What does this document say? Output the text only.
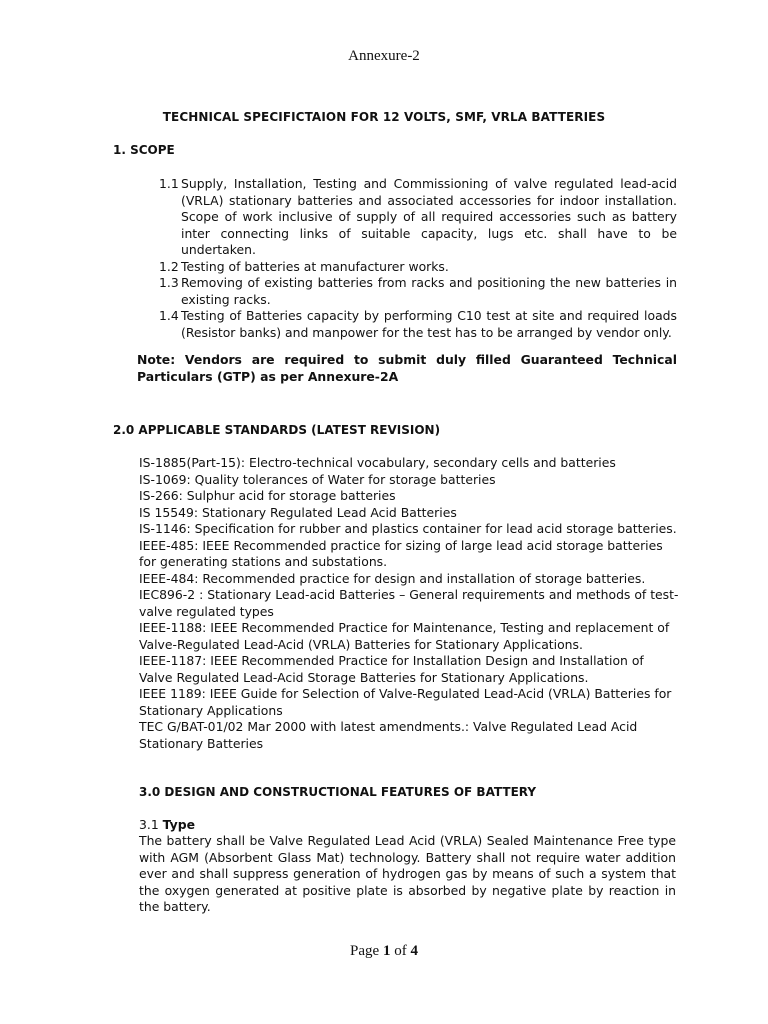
Annexure-2
TECHNICAL SPECIFICTAION FOR 12 VOLTS, SMF, VRLA BATTERIES
1. SCOPE
1.1 Supply, Installation, Testing and Commissioning of valve regulated lead-acid (VRLA) stationary batteries and associated accessories for indoor installation. Scope of work inclusive of supply of all required accessories such as battery inter connecting links of suitable capacity, lugs etc. shall have to be undertaken.
1.2 Testing of batteries at manufacturer works.
1.3 Removing of existing batteries from racks and positioning the new batteries in existing racks.
1.4 Testing of Batteries capacity by performing C10 test at site and required loads (Resistor banks) and manpower for the test has to be arranged by vendor only.
Note: Vendors are required to submit duly filled Guaranteed Technical Particulars (GTP) as per Annexure-2A
2.0 APPLICABLE STANDARDS (LATEST REVISION)
IS-1885(Part-15): Electro-technical vocabulary, secondary cells and batteries
IS-1069: Quality tolerances of Water for storage batteries
IS-266: Sulphur acid for storage batteries
IS 15549: Stationary Regulated Lead Acid Batteries
IS-1146: Specification for rubber and plastics container for lead acid storage batteries.
IEEE-485: IEEE Recommended practice for sizing of large lead acid storage batteries for generating stations and substations.
IEEE-484: Recommended practice for design and installation of storage batteries.
IEC896-2 : Stationary Lead-acid Batteries – General requirements and methods of test-valve regulated types
IEEE-1188: IEEE Recommended Practice for Maintenance, Testing and replacement of Valve-Regulated Lead-Acid (VRLA) Batteries for Stationary Applications.
IEEE-1187: IEEE Recommended Practice for Installation Design and Installation of Valve Regulated Lead-Acid Storage Batteries for Stationary Applications.
IEEE 1189: IEEE Guide for Selection of Valve-Regulated Lead-Acid (VRLA) Batteries for Stationary Applications
TEC G/BAT-01/02 Mar 2000 with latest amendments.: Valve Regulated Lead Acid Stationary Batteries
3.0 DESIGN AND CONSTRUCTIONAL FEATURES OF BATTERY
3.1 Type
The battery shall be Valve Regulated Lead Acid (VRLA) Sealed Maintenance Free type with AGM (Absorbent Glass Mat) technology. Battery shall not require water addition ever and shall suppress generation of hydrogen gas by means of such a system that the oxygen generated at positive plate is absorbed by negative plate by reaction in the battery.
Page 1 of 4
